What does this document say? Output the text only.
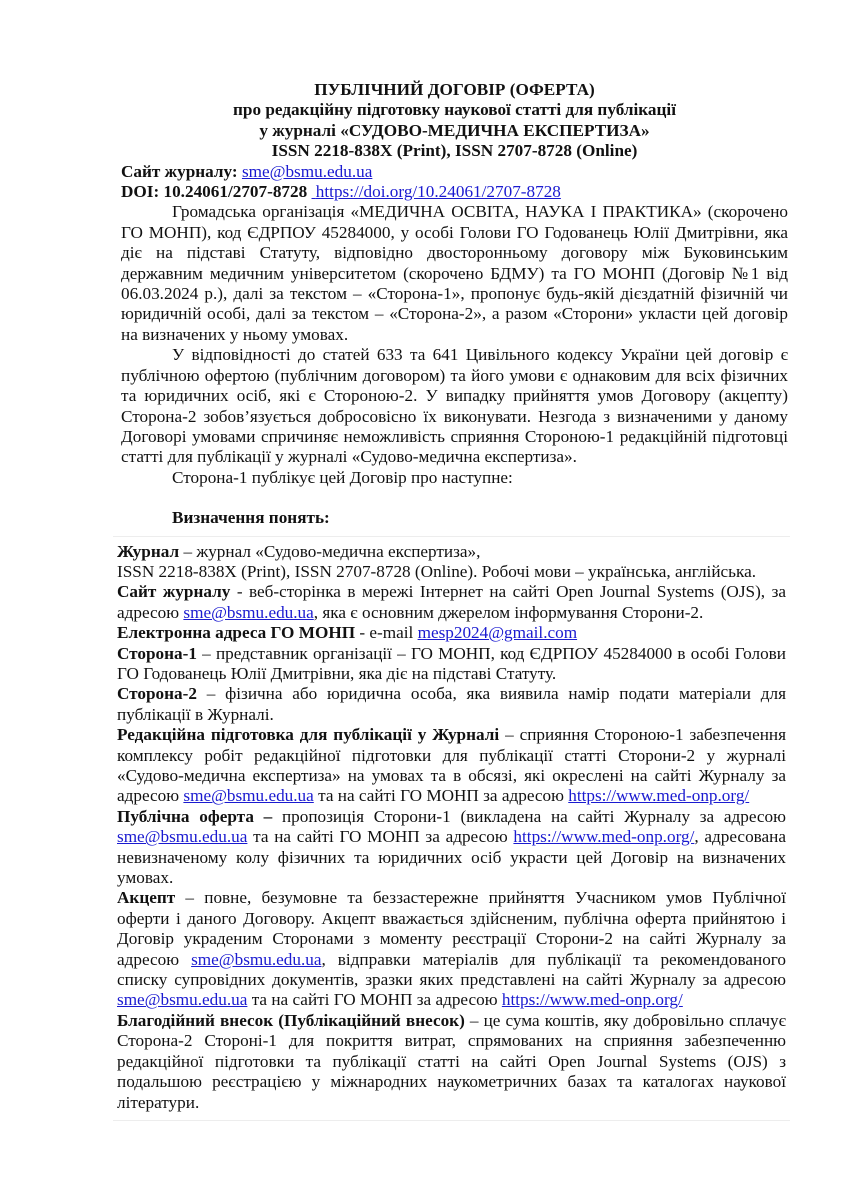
ПУБЛІЧНИЙ ДОГОВІР (ОФЕРТА)
про редакційну підготовку наукової статті для публікації
у журналі «СУДОВО-МЕДИЧНА ЕКСПЕРТИЗА»
ISSN 2218-838X (Print), ISSN 2707-8728 (Online)
Сайт журналу: sme@bsmu.edu.ua
DOI: 10.24061/2707-8728 https://doi.org/10.24061/2707-8728

Громадська організація «МЕДИЧНА ОСВІТА, НАУКА І ПРАКТИКА» (скорочено ГО МОНП), код ЄДРПОУ 45284000, у особі Голови ГО Годованець Юлії Дмитрівни, яка діє на підставі Статуту, відповідно двосторонньому договору між Буковинським державним медичним університетом (скорочено БДМУ) та ГО МОНП (Договір №1 від 06.03.2024 р.), далі за текстом – «Сторона-1», пропонує будь-якій дієздатній фізичній чи юридичній особі, далі за текстом – «Сторона-2», а разом «Сторони» укласти цей договір на визначених у ньому умовах.

У відповідності до статей 633 та 641 Цивільного кодексу України цей договір є публічною офертою (публічним договором) та його умови є однаковим для всіх фізичних та юридичних осіб, які є Стороною-2. У випадку прийняття умов Договору (акцепту) Сторона-2 зобов’язується добросовісно їх виконувати. Незгода з визначеними у даному Договорі умовами спричиняє неможливість сприяння Стороною-1 редакційній підготовці статті для публікації у журналі «Судово-медична експертиза».

Сторона-1 публікує цей Договір про наступне:

Визначення понять:
Журнал – журнал «Судово-медична експертиза»,
ISSN 2218-838X (Print), ISSN 2707-8728 (Online). Робочі мови – українська, англійська.
Сайт журналу - веб-сторінка в мережі Інтернет на сайті Open Journal Systems (OJS), за адресою sme@bsmu.edu.ua, яка є основним джерелом інформування Сторони-2.
Електронна адреса ГО МОНП - e-mail mesp2024@gmail.com
Сторона-1 – представник організації – ГО МОНП, код ЄДРПОУ 45284000 в особі Голови ГО Годованець Юлії Дмитрівни, яка діє на підставі Статуту.
Сторона-2 – фізична або юридична особа, яка виявила намір подати матеріали для публікації в Журналі.
Редакційна підготовка для публікації у Журналі – сприяння Стороною-1 забезпечення комплексу робіт редакційної підготовки для публікації статті Сторони-2 у журналі «Судово-медична експертиза» на умовах та в обсязі, які окреслені на сайті Журналу за адресою sme@bsmu.edu.ua та на сайті ГО МОНП за адресою https://www.med-onp.org/
Публічна оферта – пропозиція Сторони-1 (викладена на сайті Журналу за адресою sme@bsmu.edu.ua та на сайті ГО МОНП за адресою https://www.med-onp.org/, адресована невизначеному колу фізичних та юридичних осіб украсти цей Договір на визначених умовах.
Акцепт – повне, безумовне та беззастережне прийняття Учасником умов Публічної оферти і даного Договору. Акцепт вважається здійсненим, публічна оферта прийнятою і Договір украденим Сторонами з моменту реєстрації Сторони-2 на сайті Журналу за адресою sme@bsmu.edu.ua, відправки матеріалів для публікації та рекомендованого списку супровідних документів, зразки яких представлені на сайті Журналу за адресою sme@bsmu.edu.ua та на сайті ГО МОНП за адресою https://www.med-onp.org/
Благодійний внесок (Публікаційний внесок) – це сума коштів, яку добровільно сплачує Сторона-2 Стороні-1 для покриття витрат, спрямованих на сприяння забезпеченню редакційної підготовки та публікації статті на сайті Open Journal Systems (OJS) з подальшою реєстрацією у міжнародних наукометричних базах та каталогах наукової літератури.
